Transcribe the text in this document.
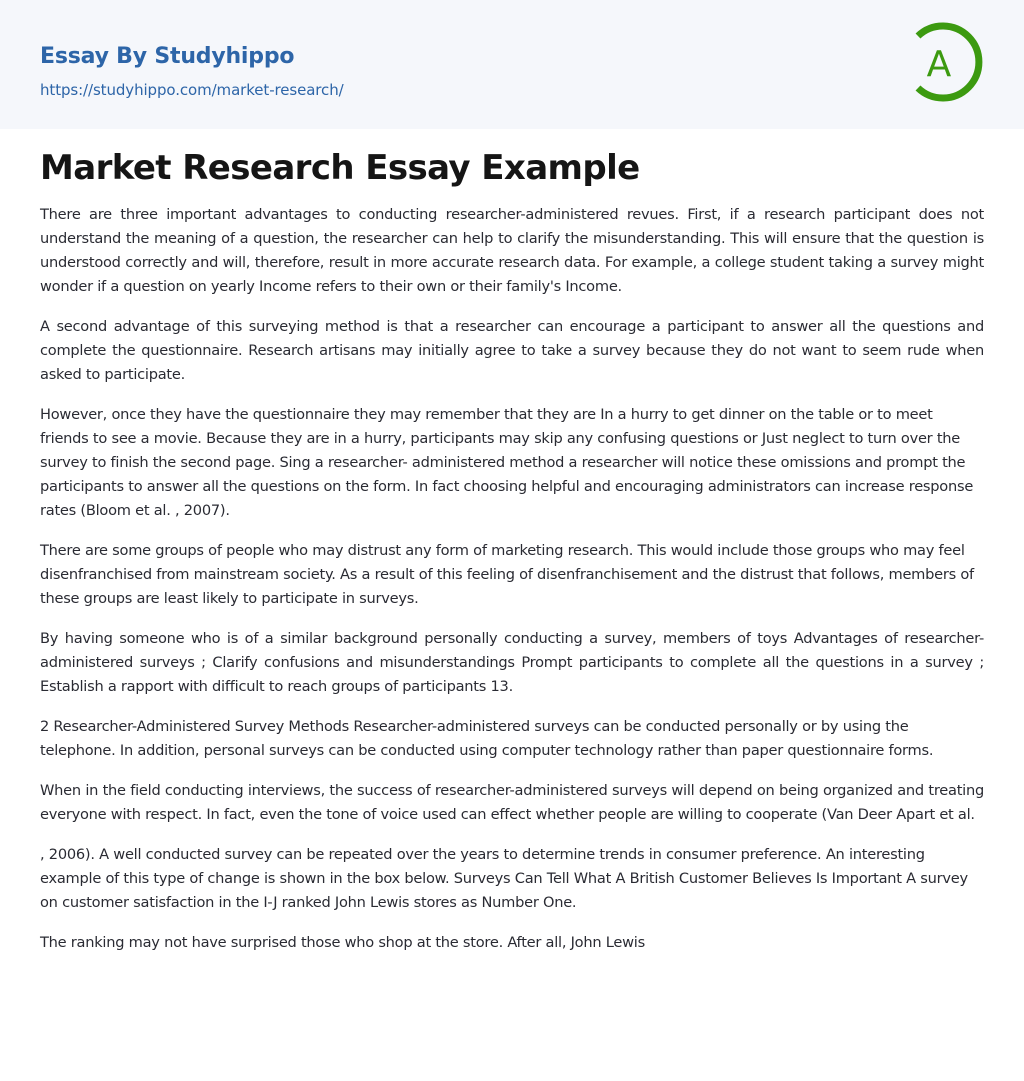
Essay By Studyhippo
https://studyhippo.com/market-research/
A
Market Research Essay Example

There are three important advantages to conducting researcher-administered revues. First, if a research participant does not understand the meaning of a question, the researcher can help to clarify the misunderstanding. This will ensure that the question is understood correctly and will, therefore, result in more accurate research data. For example, a college student taking a survey might wonder if a question on yearly Income refers to their own or their family's Income.

A second advantage of this surveying method is that a researcher can encourage a participant to answer all the questions and complete the questionnaire. Research artisans may initially agree to take a survey because they do not want to seem rude when asked to participate.

However, once they have the questionnaire they may remember that they are In a hurry to get dinner on the table or to meet friends to see a movie. Because they are in a hurry, participants may skip any confusing questions or Just neglect to turn over the survey to finish the second page. Sing a researcher- administered method a researcher will notice these omissions and prompt the participants to answer all the questions on the form. In fact choosing helpful and encouraging administrators can increase response rates (Bloom et al. , 2007).

There are some groups of people who may distrust any form of marketing research. This would include those groups who may feel disenfranchised from mainstream society. As a result of this feeling of disenfranchisement and the distrust that follows, members of these groups are least likely to participate in surveys.

By having someone who is of a similar background personally conducting a survey, members of toys Advantages of researcher-administered surveys ; Clarify confusions and misunderstandings Prompt participants to complete all the questions in a survey ; Establish a rapport with difficult to reach groups of participants 13.

2 Researcher-Administered Survey Methods Researcher-administered surveys can be conducted personally or by using the telephone. In addition, personal surveys can be conducted using computer technology rather than paper questionnaire forms.

When in the field conducting interviews, the success of researcher-administered surveys will depend on being organized and treating everyone with respect. In fact, even the tone of voice used can effect whether people are willing to cooperate (Van Deer Apart et al.

, 2006). A well conducted survey can be repeated over the years to determine trends in consumer preference. An interesting example of this type of change is shown in the box below. Surveys Can Tell What A British Customer Believes Is Important A survey on customer satisfaction in the I-J ranked John Lewis stores as Number One.

The ranking may not have surprised those who shop at the store. After all, John Lewis
